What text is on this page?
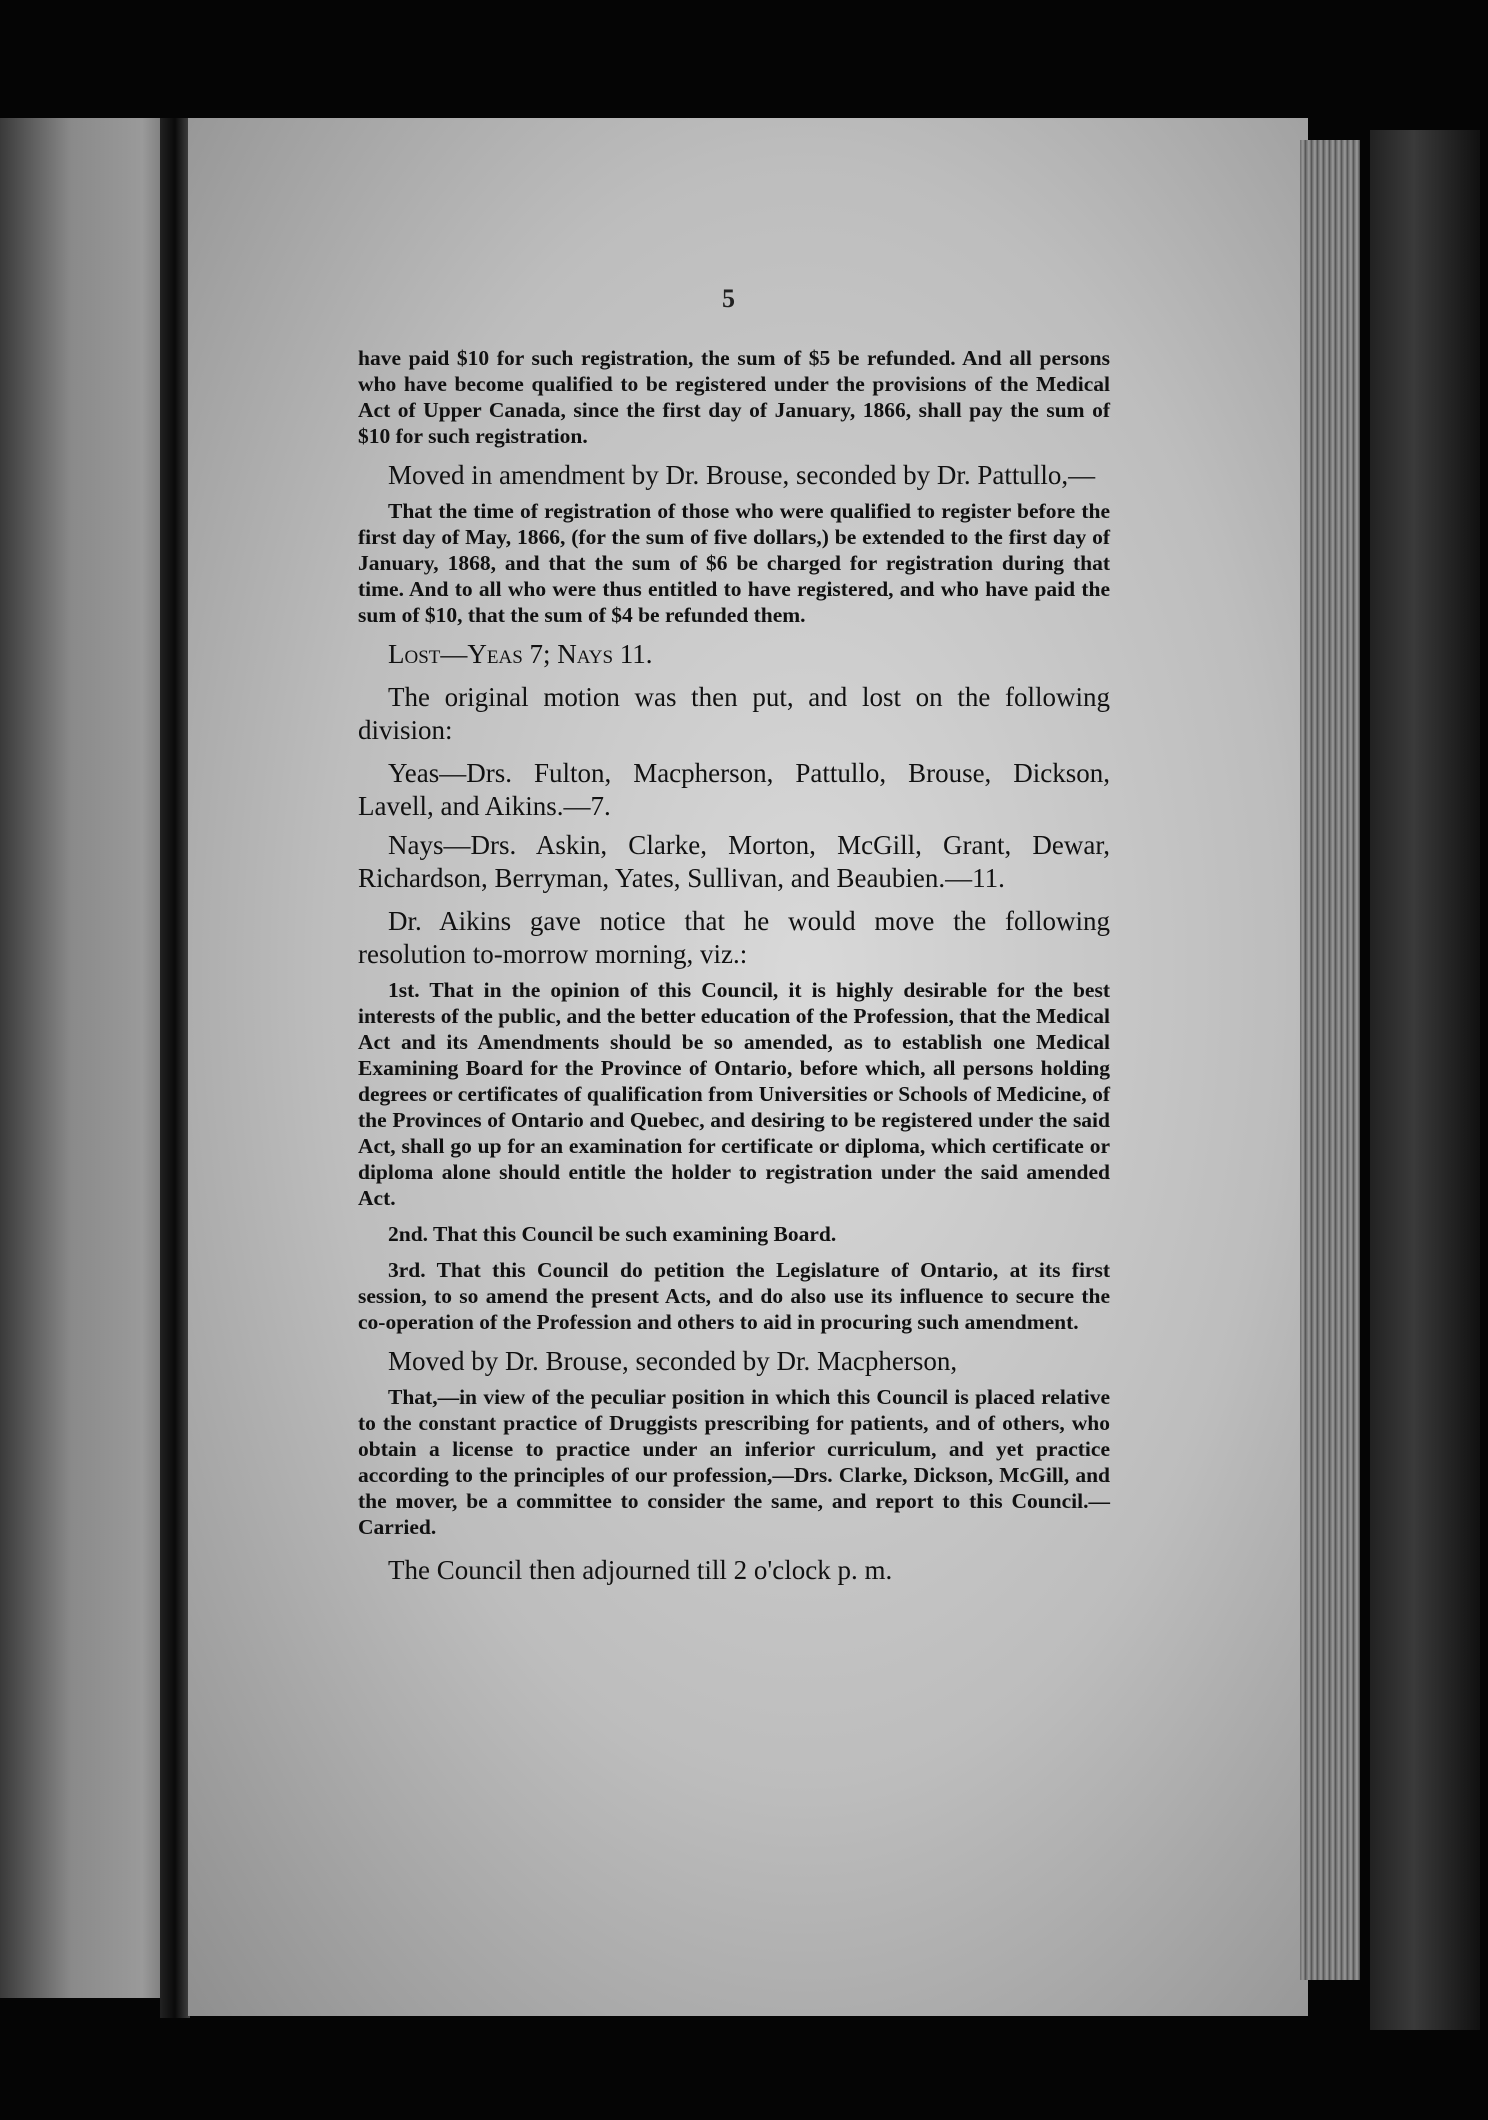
5

have paid $10 for such registration, the sum of $5 be refunded. And all persons who have become qualified to be registered under the provisions of the Medical Act of Upper Canada, since the first day of January, 1866, shall pay the sum of $10 for such registration.

Moved in amendment by Dr. Brouse, seconded by Dr. Pattullo,—

That the time of registration of those who were qualified to register before the first day of May, 1866, (for the sum of five dollars,) be extended to the first day of January, 1868, and that the sum of $6 be charged for registration during that time. And to all who were thus entitled to have registered, and who have paid the sum of $10, that the sum of $4 be refunded them.

Lost—Yeas 7; Nays 11.

The original motion was then put, and lost on the following division:

Yeas—Drs. Fulton, Macpherson, Pattullo, Brouse, Dickson, Lavell, and Aikins.—7.

Nays—Drs. Askin, Clarke, Morton, McGill, Grant, Dewar, Richardson, Berryman, Yates, Sullivan, and Beaubien.—11.

Dr. Aikins gave notice that he would move the following resolution to-morrow morning, viz.:

1st. That in the opinion of this Council, it is highly desirable for the best interests of the public, and the better education of the Profession, that the Medical Act and its Amendments should be so amended, as to establish one Medical Examining Board for the Province of Ontario, before which, all persons holding degrees or certificates of qualification from Universities or Schools of Medicine, of the Provinces of Ontario and Quebec, and desiring to be registered under the said Act, shall go up for an examination for certificate or diploma, which certificate or diploma alone should entitle the holder to registration under the said amended Act.

2nd. That this Council be such examining Board.

3rd. That this Council do petition the Legislature of Ontario, at its first session, to so amend the present Acts, and do also use its influence to secure the co-operation of the Profession and others to aid in procuring such amendment.

Moved by Dr. Brouse, seconded by Dr. Macpherson,

That,—in view of the peculiar position in which this Council is placed relative to the constant practice of Druggists prescribing for patients, and of others, who obtain a license to practice under an inferior curriculum, and yet practice according to the principles of our profession,—Drs. Clarke, Dickson, McGill, and the mover, be a committee to consider the same, and report to this Council.—Carried.

The Council then adjourned till 2 o'clock p. m.
